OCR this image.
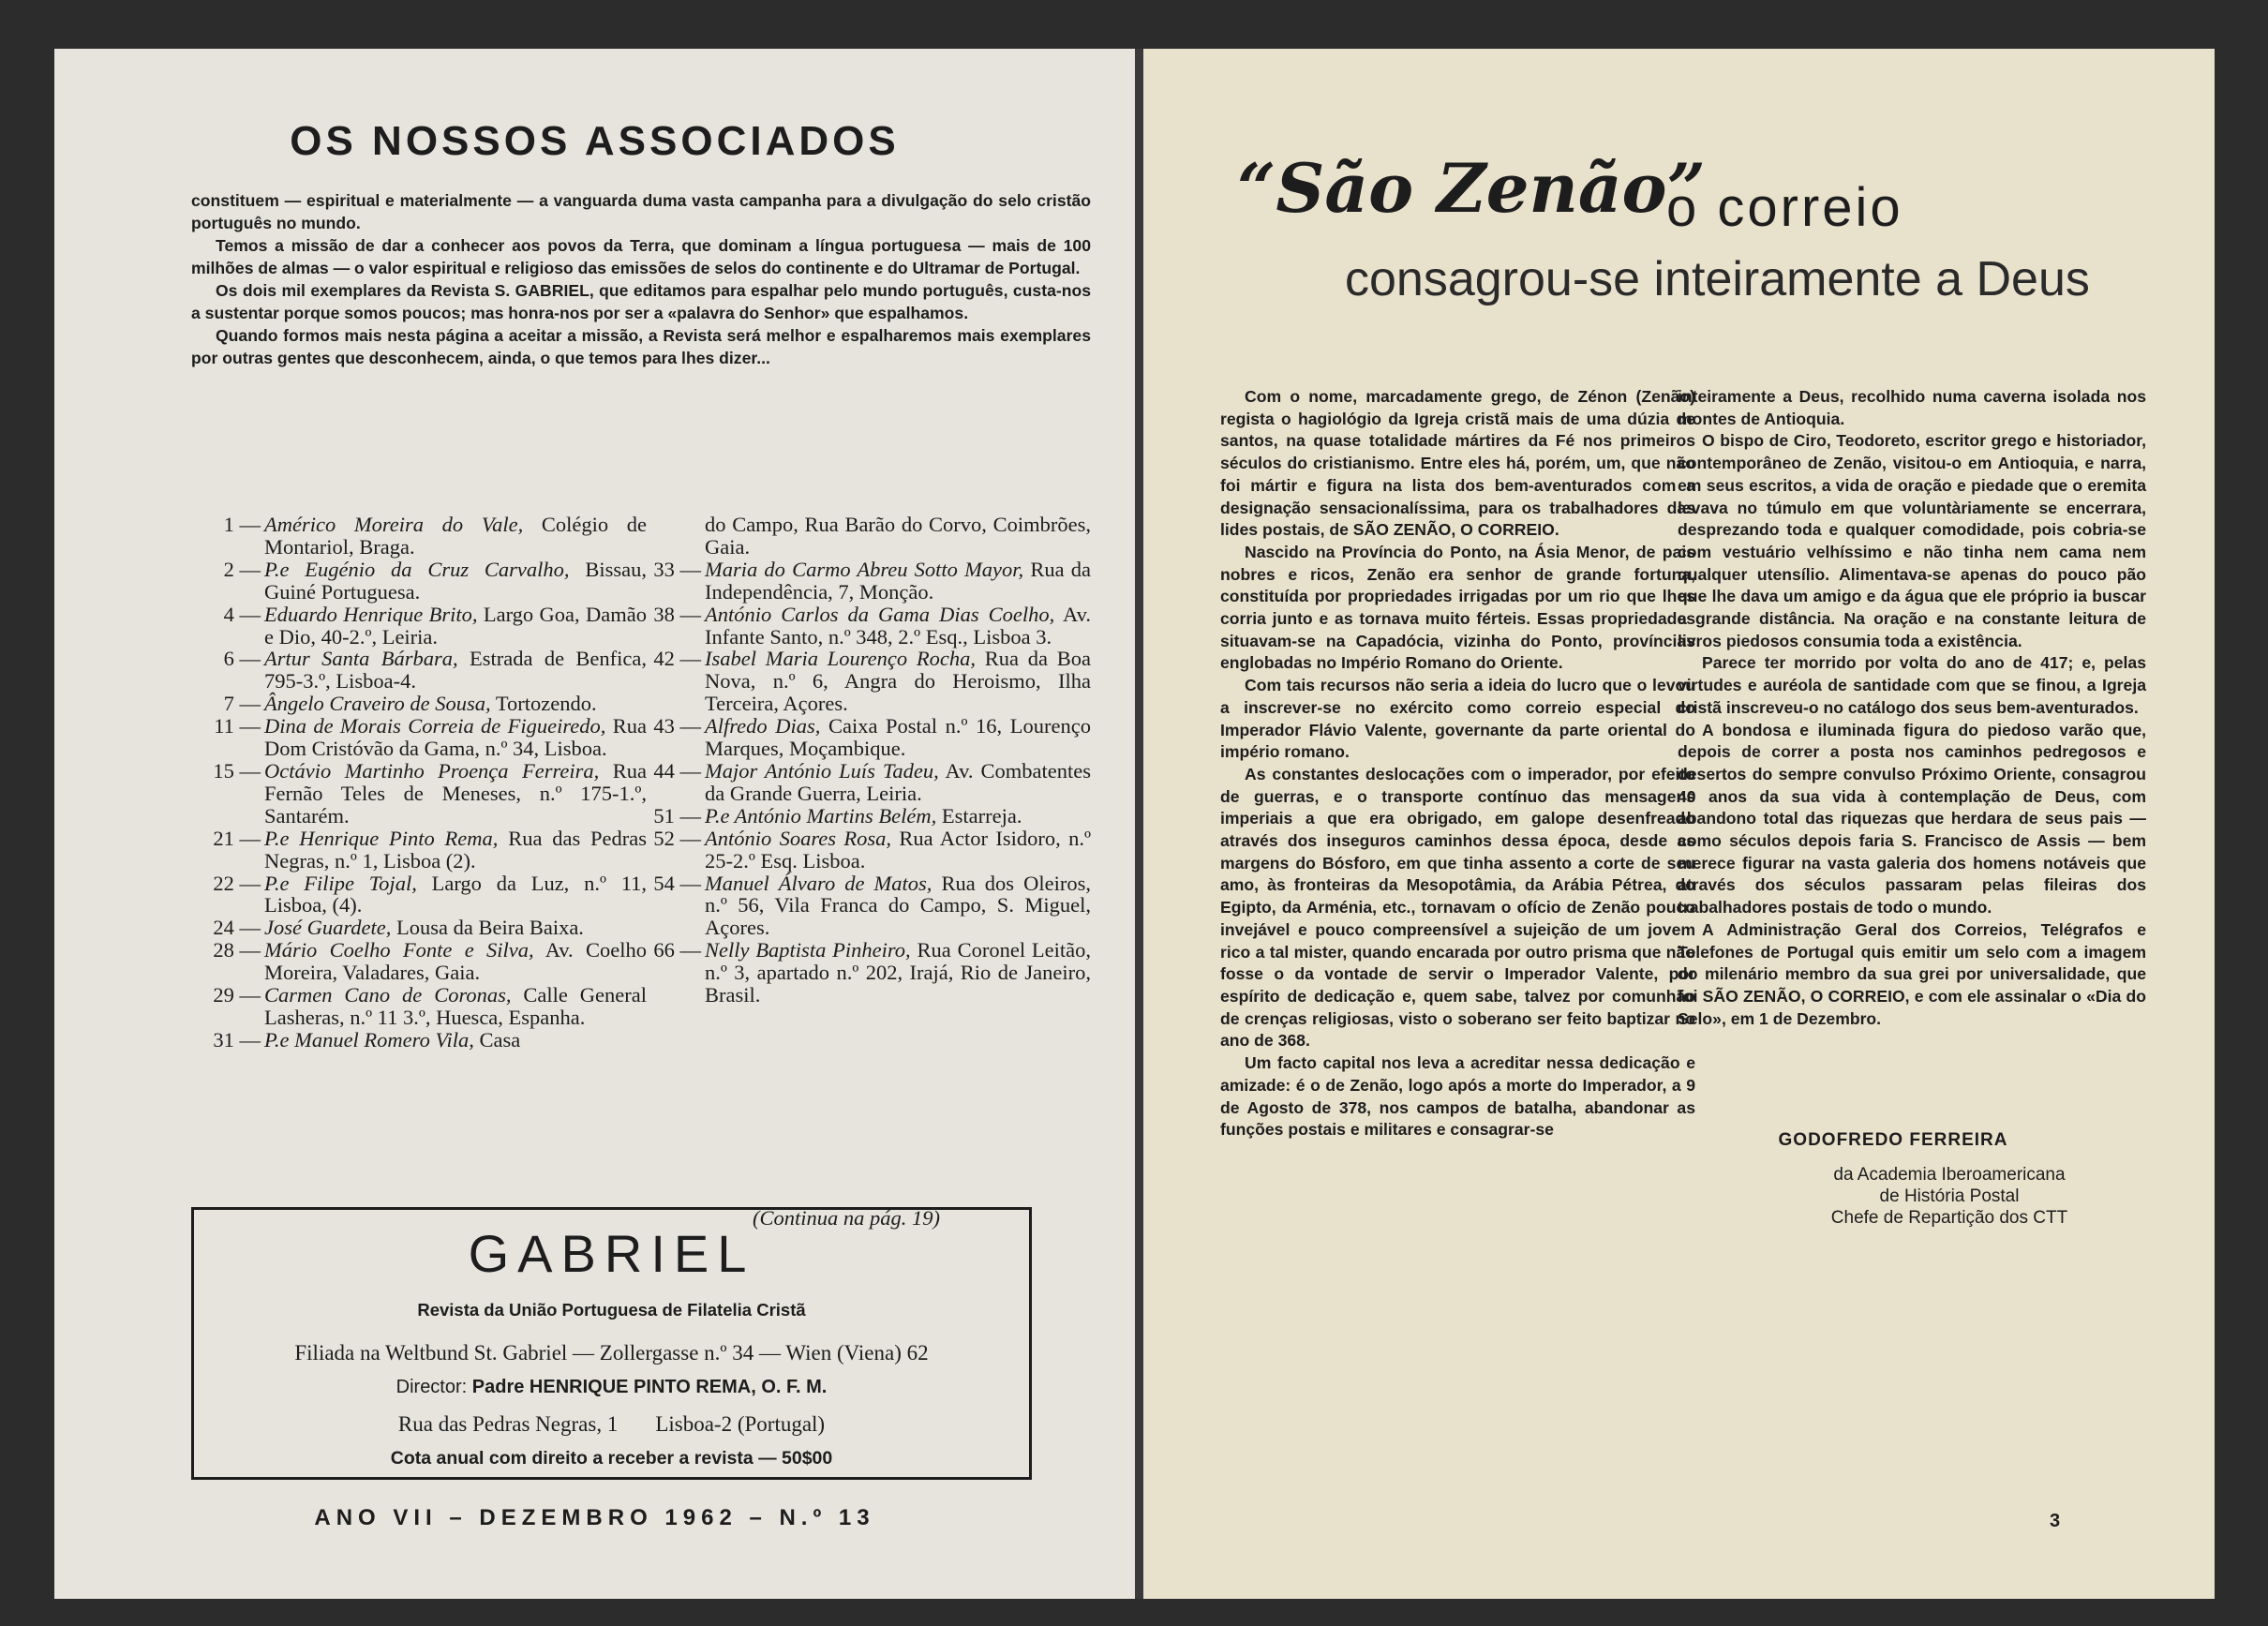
OS NOSSOS ASSOCIADOS

constituem — espiritual e materialmente — a vanguarda duma vasta campanha para a divulgação do selo cristão português no mundo.

Temos a missão de dar a conhecer aos povos da Terra, que dominam a língua portuguesa — mais de 100 milhões de almas — o valor espiritual e religioso das emissões de selos do continente e do Ultramar de Portugal.

Os dois mil exemplares da Revista S. GABRIEL, que editamos para espalhar pelo mundo português, custa-nos a sustentar porque somos poucos; mas honra-nos por ser a «palavra do Senhor» que espalhamos.

Quando formos mais nesta página a aceitar a missão, a Revista será melhor e espalharemos mais exemplares por outras gentes que desconhecem, ainda, o que temos para lhes dizer...

1 — Américo Moreira do Vale, Colégio de Montariol, Braga.
2 — P.e Eugénio da Cruz Carvalho, Bissau, Guiné Portuguesa.
4 — Eduardo Henrique Brito, Largo Goa, Damão e Dio, 40-2.º, Leiria.
6 — Artur Santa Bárbara, Estrada de Benfica, 795-3.º, Lisboa-4.
7 — Ângelo Craveiro de Sousa, Tortozendo.
11 — Dina de Morais Correia de Figueiredo, Rua Dom Cristóvão da Gama, n.º 34, Lisboa.
15 — Octávio Martinho Proença Ferreira, Rua Fernão Teles de Meneses, n.º 175-1.º, Santarém.
21 — P.e Henrique Pinto Rema, Rua das Pedras Negras, n.º 1, Lisboa (2).
22 — P.e Filipe Tojal, Largo da Luz, n.º 11, Lisboa, (4).
24 — José Guardete, Lousa da Beira Baixa.
28 — Mário Coelho Fonte e Silva, Av. Coelho Moreira, Valadares, Gaia.
29 — Carmen Cano de Coronas, Calle General Lasheras, n.º 11 3.º, Huesca, Espanha.
31 — P.e Manuel Romero Vila, Casa
do Campo, Rua Barão do Corvo, Coimbrões, Gaia.
33 — Maria do Carmo Abreu Sotto Mayor, Rua da Independência, 7, Monção.
38 — António Carlos da Gama Dias Coelho, Av. Infante Santo, n.º 348, 2.º Esq., Lisboa 3.
42 — Isabel Maria Lourenço Rocha, Rua da Boa Nova, n.º 6, Angra do Heroismo, Ilha Terceira, Açores.
43 — Alfredo Dias, Caixa Postal n.º 16, Lourenço Marques, Moçambique.
44 — Major António Luís Tadeu, Av. Combatentes da Grande Guerra, Leiria.
51 — P.e António Martins Belém, Estarreja.
52 — António Soares Rosa, Rua Actor Isidoro, n.º 25-2.º Esq. Lisboa.
54 — Manuel Álvaro de Matos, Rua dos Oleiros, n.º 56, Vila Franca do Campo, S. Miguel, Açores.
66 — Nelly Baptista Pinheiro, Rua Coronel Leitão, n.º 3, apartado n.º 202, Irajá, Rio de Janeiro, Brasil.
(Continua na pág. 19)
GABRIEL
Revista da União Portuguesa de Filatelia Cristã
Filiada na Weltbund St. Gabriel — Zollergasse n.º 34 — Wien (Viena) 62
Director: Padre HENRIQUE PINTO REMA, O. F. M.
Rua das Pedras Negras, 1 Lisboa-2 (Portugal)
Cota anual com direito a receber a revista — 50$00
ANO VII – DEZEMBRO 1962 – N.º 13
“São Zenão”
o correio
consagrou-se inteiramente a Deus

Com o nome, marcadamente grego, de Zénon (Zenão) regista o hagiológio da Igreja cristã mais de uma dúzia de santos, na quase totalidade mártires da Fé nos primeiros séculos do cristianismo. Entre eles há, porém, um, que não foi mártir e figura na lista dos bem-aventurados com a designação sensacionalíssima, para os trabalhadores das lides postais, de SÃO ZENÃO, O CORREIO.

Nascido na Província do Ponto, na Ásia Menor, de pais nobres e ricos, Zenão era senhor de grande fortuna, constituída por propriedades irrigadas por um rio que lhes corria junto e as tornava muito férteis. Essas propriedades situavam-se na Capadócia, vizinha do Ponto, províncias englobadas no Império Romano do Oriente.

Com tais recursos não seria a ideia do lucro que o levou a inscrever-se no exército como correio especial do Imperador Flávio Valente, governante da parte oriental do império romano.

As constantes deslocações com o imperador, por efeito de guerras, e o transporte contínuo das mensagens imperiais a que era obrigado, em galope desenfreado através dos inseguros caminhos dessa época, desde as margens do Bósforo, em que tinha assento a corte de seu amo, às fronteiras da Mesopotâmia, da Arábia Pétrea, do Egipto, da Arménia, etc., tornavam o ofício de Zenão pouco invejável e pouco compreensível a sujeição de um jovem rico a tal mister, quando encarada por outro prisma que não fosse o da vontade de servir o Imperador Valente, por espírito de dedicação e, quem sabe, talvez por comunhão de crenças religiosas, visto o soberano ser feito baptizar no ano de 368.

Um facto capital nos leva a acreditar nessa dedicação e amizade: é o de Zenão, logo após a morte do Imperador, a 9 de Agosto de 378, nos campos de batalha, abandonar as funções postais e militares e consagrar-se

inteiramente a Deus, recolhido numa caverna isolada nos montes de Antioquia.

O bispo de Ciro, Teodoreto, escritor grego e historiador, contemporâneo de Zenão, visitou-o em Antioquia, e narra, em seus escritos, a vida de oração e piedade que o eremita levava no túmulo em que voluntàriamente se encerrara, desprezando toda e qualquer comodidade, pois cobria-se com vestuário velhíssimo e não tinha nem cama nem qualquer utensílio. Alimentava-se apenas do pouco pão que lhe dava um amigo e da água que ele próprio ia buscar a grande distância. Na oração e na constante leitura de livros piedosos consumia toda a existência.

Parece ter morrido por volta do ano de 417; e, pelas virtudes e auréola de santidade com que se finou, a Igreja cristã inscreveu-o no catálogo dos seus bem-aventurados.

A bondosa e iluminada figura do piedoso varão que, depois de correr a posta nos caminhos pedregosos e desertos do sempre convulso Próximo Oriente, consagrou 40 anos da sua vida à contemplação de Deus, com abandono total das riquezas que herdara de seus pais — como séculos depois faria S. Francisco de Assis — bem merece figurar na vasta galeria dos homens notáveis que através dos séculos passaram pelas fileiras dos trabalhadores postais de todo o mundo.

A Administração Geral dos Correios, Telégrafos e Telefones de Portugal quis emitir um selo com a imagem do milenário membro da sua grei por universalidade, que foi SÃO ZENÃO, O CORREIO, e com ele assinalar o «Dia do Selo», em 1 de Dezembro.

GODOFREDO FERREIRA
da Academia Iberoamericana
de História Postal
Chefe de Repartição dos CTT
3
